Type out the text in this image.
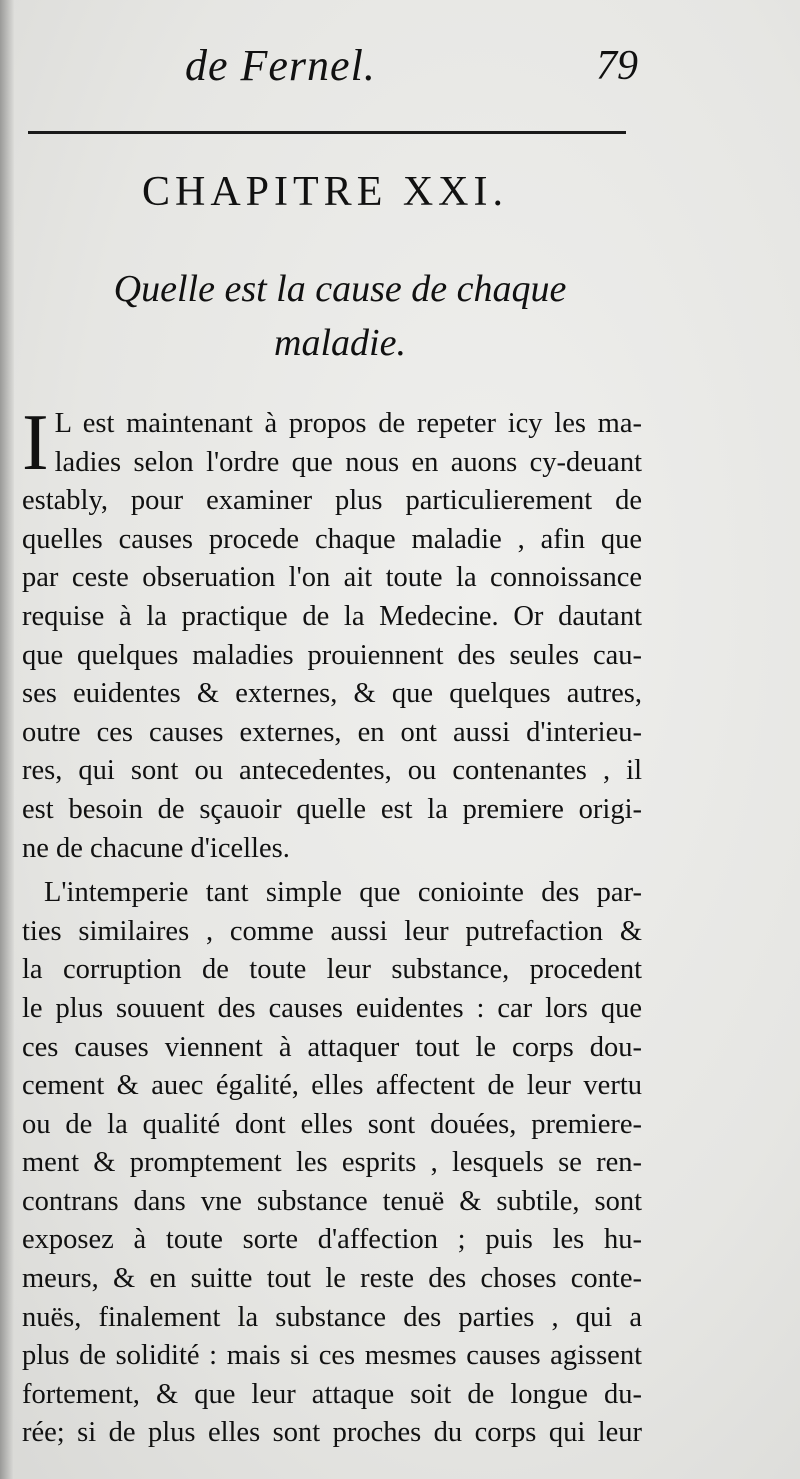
de Fernel.	79
CHAPITRE XXI.
Quelle est la cause de chaque
maladie.
I L est maintenant à propos de repeter icy les ma-
ladies selon l'ordre que nous en auons cy-deuant
estably, pour examiner plus particulierement de
quelles causes procede chaque maladie , afin que
par ceste obseruation l'on ait toute la connoissance
requise à la practique de la Medecine. Or dautant
que quelques maladies prouiennent des seules cau-
ses euidentes & externes, & que quelques autres,
outre ces causes externes, en ont aussi d'interieu-
res, qui sont ou antecedentes, ou contenantes , il
est besoin de sçauoir quelle est la premiere origi-
ne de chacune d'icelles.
L'intemperie tant simple que coniointe des par-
ties similaires , comme aussi leur putrefaction &
la corruption de toute leur substance, procedent
le plus souuent des causes euidentes : car lors que
ces causes viennent à attaquer tout le corps dou-
cement & auec égalité, elles affectent de leur vertu
ou de la qualité dont elles sont douées, premiere-
ment & promptement les esprits , lesquels se ren-
contrans dans vne substance tenuë & subtile, sont
exposez à toute sorte d'affection ; puis les hu-
meurs, & en suitte tout le reste des choses conte-
nuës, finalement la substance des parties , qui a
plus de solidité : mais si ces mesmes causes agissent
fortement, & que leur attaque soit de longue du-
rée; si de plus elles sont proches du corps qui leur
